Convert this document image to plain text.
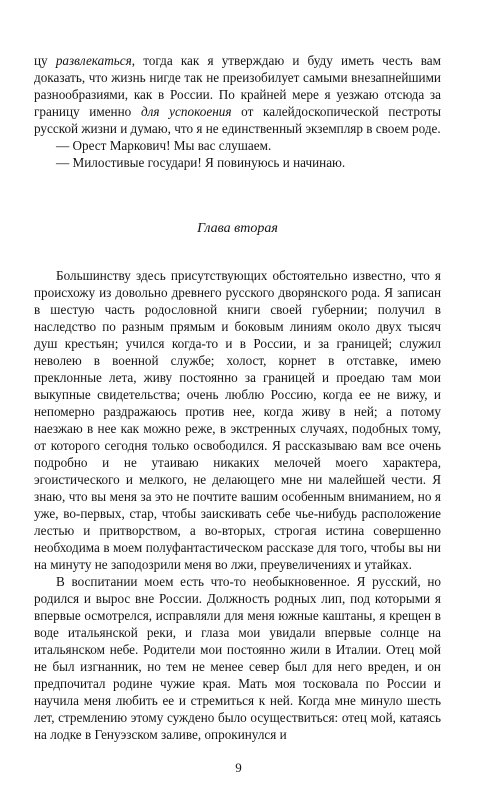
цу развлекаться, тогда как я утверждаю и буду иметь честь вам доказать, что жизнь нигде так не преизобилует самыми внезапнейшими разнообразиями, как в России. По крайней мере я уезжаю отсюда за границу именно для успокоения от калейдоскопической пестроты русской жизни и думаю, что я не единственный экземпляр в своем роде.

— Орест Маркович! Мы вас слушаем.

— Милостивые государи! Я повинуюсь и начинаю.

Глава вторая

Большинству здесь присутствующих обстоятельно известно, что я происхожу из довольно древнего русского дворянского рода. Я записан в шестую часть родословной книги своей губернии; получил в наследство по разным прямым и боковым линиям около двух тысяч душ крестьян; учился когда-то и в России, и за границей; служил неволею в военной службе; холост, корнет в отставке, имею преклонные лета, живу постоянно за границей и проедаю там мои выкупные свидетельства; очень люблю Россию, когда ее не вижу, и непомерно раздражаюсь против нее, когда живу в ней; а потому наезжаю в нее как можно реже, в экстренных случаях, подобных тому, от которого сегодня только освободился. Я рассказываю вам все очень подробно и не утаиваю никаких мелочей моего характера, эгоистического и мелкого, не делающего мне ни малейшей чести. Я знаю, что вы меня за это не почтите вашим особенным вниманием, но я уже, во-первых, стар, чтобы заискивать себе чье-нибудь расположение лестью и притворством, а во-вторых, строгая истина совершенно необходима в моем полуфантастическом рассказе для того, чтобы вы ни на минуту не заподозрили меня во лжи, преувеличениях и утайках.

В воспитании моем есть что-то необыкновенное. Я русский, но родился и вырос вне России. Должность родных лип, под которыми я впервые осмотрелся, исправляли для меня южные каштаны, я крещен в воде итальянской реки, и глаза мои увидали впервые солнце на итальянском небе. Родители мои постоянно жили в Италии. Отец мой не был изгнанник, но тем не менее север был для него вреден, и он предпочитал родине чужие края. Мать моя тосковала по России и научила меня любить ее и стремиться к ней. Когда мне минуло шесть лет, стремлению этому суждено было осуществиться: отец мой, катаясь на лодке в Генуэзском заливе, опрокинулся и

9
